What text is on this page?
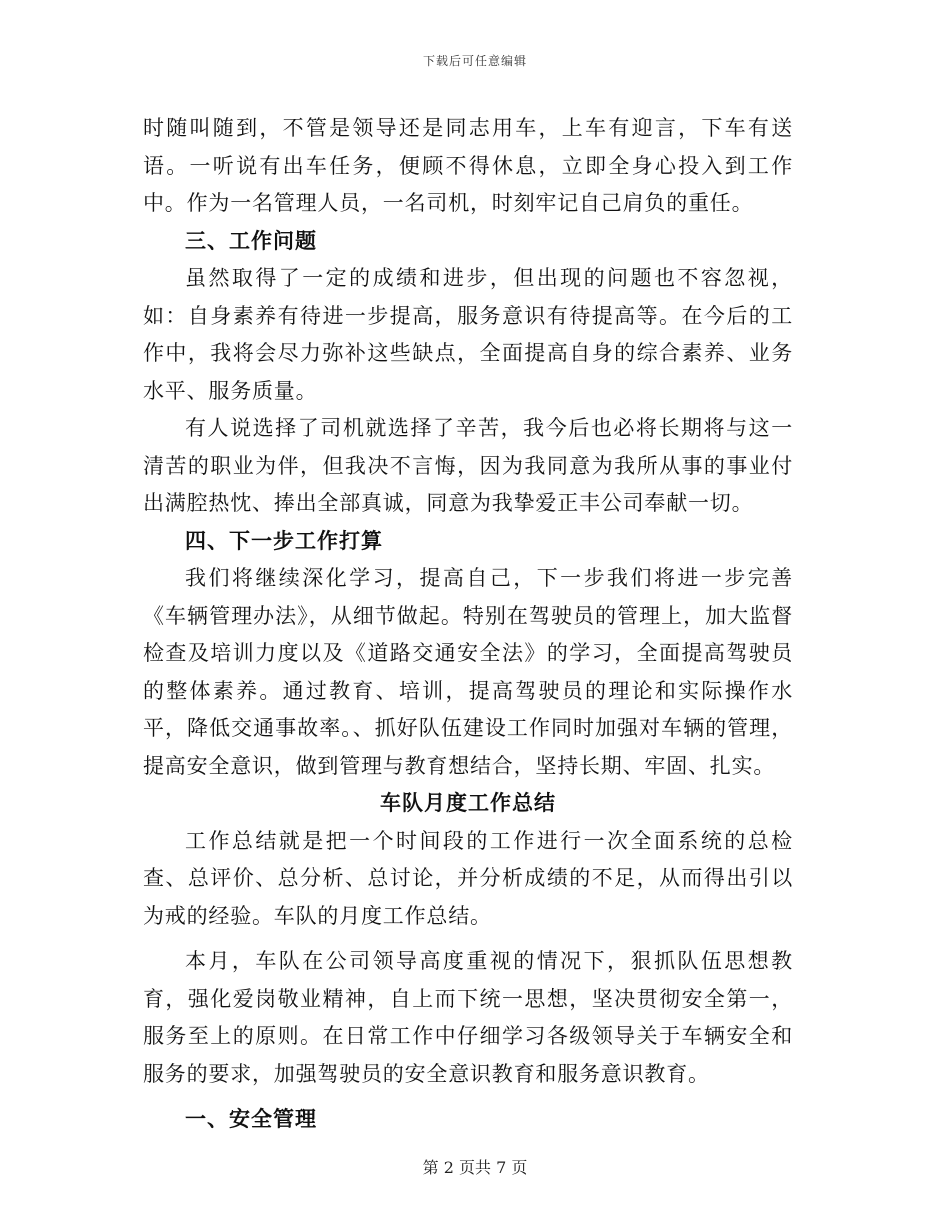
下载后可任意编辑

时随叫随到，不管是领导还是同志用车，上车有迎言，下车有送语。一听说有出车任务，便顾不得休息，立即全身心投入到工作中。作为一名管理人员，一名司机，时刻牢记自己肩负的重任。

三、工作问题

虽然取得了一定的成绩和进步，但出现的问题也不容忽视，如：自身素养有待进一步提高，服务意识有待提高等。在今后的工作中，我将会尽力弥补这些缺点，全面提高自身的综合素养、业务水平、服务质量。

有人说选择了司机就选择了辛苦，我今后也必将长期将与这一清苦的职业为伴，但我决不言悔，因为我同意为我所从事的事业付出满腔热忱、捧出全部真诚，同意为我挚爱正丰公司奉献一切。

四、下一步工作打算

我们将继续深化学习，提高自己，下一步我们将进一步完善《车辆管理办法》，从细节做起。特别在驾驶员的管理上，加大监督检查及培训力度以及《道路交通安全法》的学习，全面提高驾驶员的整体素养。通过教育、培训，提高驾驶员的理论和实际操作水平，降低交通事故率。、抓好队伍建设工作同时加强对车辆的管理，提高安全意识，做到管理与教育想结合，坚持长期、牢固、扎实。

车队月度工作总结

工作总结就是把一个时间段的工作进行一次全面系统的总检查、总评价、总分析、总讨论，并分析成绩的不足，从而得出引以为戒的经验。车队的月度工作总结。

本月，车队在公司领导高度重视的情况下，狠抓队伍思想教育，强化爱岗敬业精神，自上而下统一思想，坚决贯彻安全第一，服务至上的原则。在日常工作中仔细学习各级领导关于车辆安全和服务的要求，加强驾驶员的安全意识教育和服务意识教育。

一、安全管理

第 2 页共 7 页
